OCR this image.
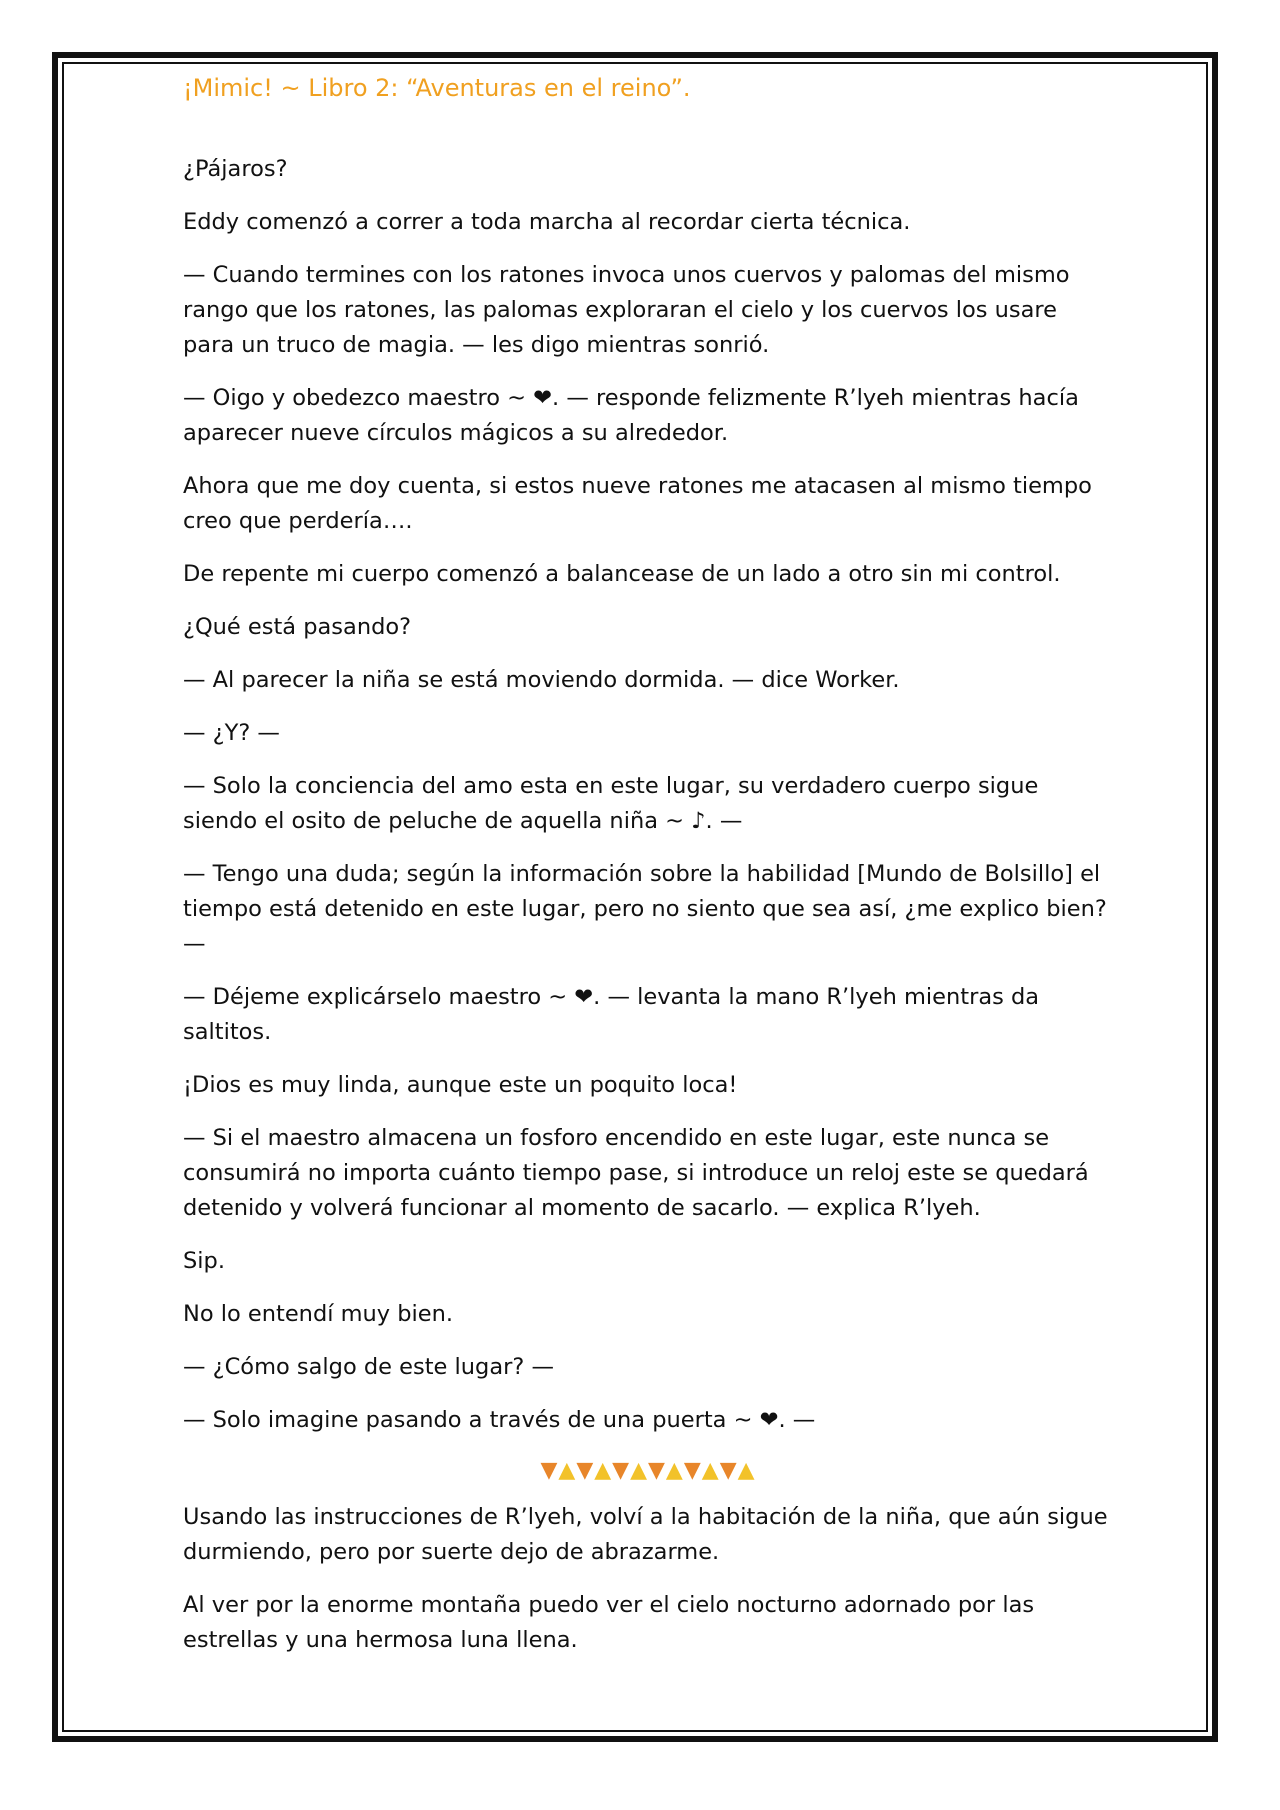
¡Mimic! ~ Libro 2: “Aventuras en el reino”.

¿Pájaros?

Eddy comenzó a correr a toda marcha al recordar cierta técnica.

— Cuando termines con los ratones invoca unos cuervos y palomas del mismo rango que los ratones, las palomas exploraran el cielo y los cuervos los usare para un truco de magia. — les digo mientras sonrió.

— Oigo y obedezco maestro ~ ❤. — responde felizmente R’lyeh mientras hacía aparecer nueve círculos mágicos a su alrededor.

Ahora que me doy cuenta, si estos nueve ratones me atacasen al mismo tiempo creo que perdería….

De repente mi cuerpo comenzó a balancease de un lado a otro sin mi control.

¿Qué está pasando?

— Al parecer la niña se está moviendo dormida. — dice Worker.

— ¿Y? —

— Solo la conciencia del amo esta en este lugar, su verdadero cuerpo sigue siendo el osito de peluche de aquella niña ~ ♪. —

— Tengo una duda; según la información sobre la habilidad [Mundo de Bolsillo] el tiempo está detenido en este lugar, pero no siento que sea así, ¿me explico bien? —

— Déjeme explicárselo maestro ~ ❤. — levanta la mano R’lyeh mientras da saltitos.

¡Dios es muy linda, aunque este un poquito loca!

— Si el maestro almacena un fosforo encendido en este lugar, este nunca se consumirá no importa cuánto tiempo pase, si introduce un reloj este se quedará detenido y volverá funcionar al momento de sacarlo. — explica R’lyeh.

Sip.

No lo entendí muy bien.

— ¿Cómo salgo de este lugar? —

— Solo imagine pasando a través de una puerta ~ ❤. —

▼▲▼▲▼▲▼▲▼▲▼▲

Usando las instrucciones de R’lyeh, volví a la habitación de la niña, que aún sigue durmiendo, pero por suerte dejo de abrazarme.

Al ver por la enorme montaña puedo ver el cielo nocturno adornado por las estrellas y una hermosa luna llena.
